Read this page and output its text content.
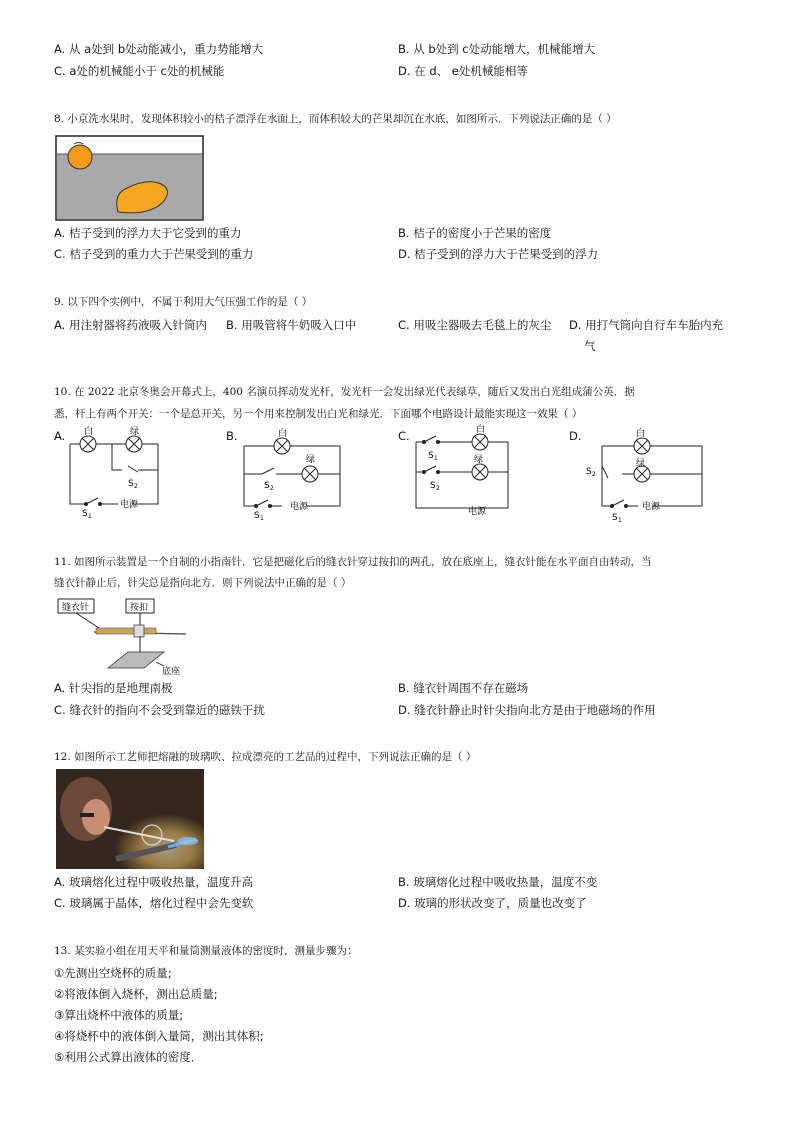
A. 从 a处到 b处动能减小，重力势能增大	B. 从 b处到 c处动能增大，机械能增大
C. a处的机械能小于 c处的机械能	D. 在 d、 e处机械能相等
8. 小京洗水果时，发现体积较小的桔子漂浮在水面上，而体积较大的芒果却沉在水底，如图所示．下列说法正确的是（ ）
A. 桔子受到的浮力大于它受到的重力	B. 桔子的密度小于芒果的密度
C. 桔子受到的重力大于芒果受到的重力	D. 桔子受到的浮力大于芒果受到的浮力
9. 以下四个实例中，不属于利用大气压强工作的是（ ）
A. 用注射器将药液吸入针筒内 B. 用吸管将牛奶吸入口中	C. 用吸尘器吸去毛毯上的灰尘 D. 用打气筒向自行车车胎内充
气
10. 在 2022 北京冬奥会开幕式上，400 名演员挥动发光杆，发光杆一会发出绿光代表绿草，随后又发出白光组成蒲公英．据
悉，杆上有两个开关：一个是总开关，另一个用来控制发出白光和绿光．下面哪个电路设计最能实现这一效果（ ）
A. 白	绿
S 2
S 1
电源
B.	白
绿
S 2
S 1
电源
C.	白
绿
S 1
S 2
电源
D.	白
绿
S 2
S 1
电源
11. 如图所示装置是一个自制的小指南针．它是把磁化后的缝衣针穿过按扣的两孔，放在底座上，缝衣针能在水平面自由转动，当
缝衣针静止后，针尖总是指向北方．则下列说法中正确的是（ ）
缝衣针	按扣
底座
A. 针尖指的是地理南极	B. 缝衣针周围不存在磁场
C. 缝衣针的指向不会受到靠近的磁铁干扰	D. 缝衣针静止时针尖指向北方是由于地磁场的作用
12. 如图所示工艺师把熔融的玻璃吹、拉成漂亮的工艺品的过程中，下列说法正确的是（ ）
A. 玻璃熔化过程中吸收热量，温度升高	B. 玻璃熔化过程中吸收热量，温度不变
C. 玻璃属于晶体，熔化过程中会先变软	D. 玻璃的形状改变了，质量也改变了
13. 某实验小组在用天平和量筒测量液体的密度时，测量步骤为：
①先测出空烧杯的质量;
②将液体倒入烧杯，测出总质量;
③算出烧杯中液体的质量;
④将烧杯中的液体倒入量筒，测出其体积;
⑤利用公式算出液体的密度．
